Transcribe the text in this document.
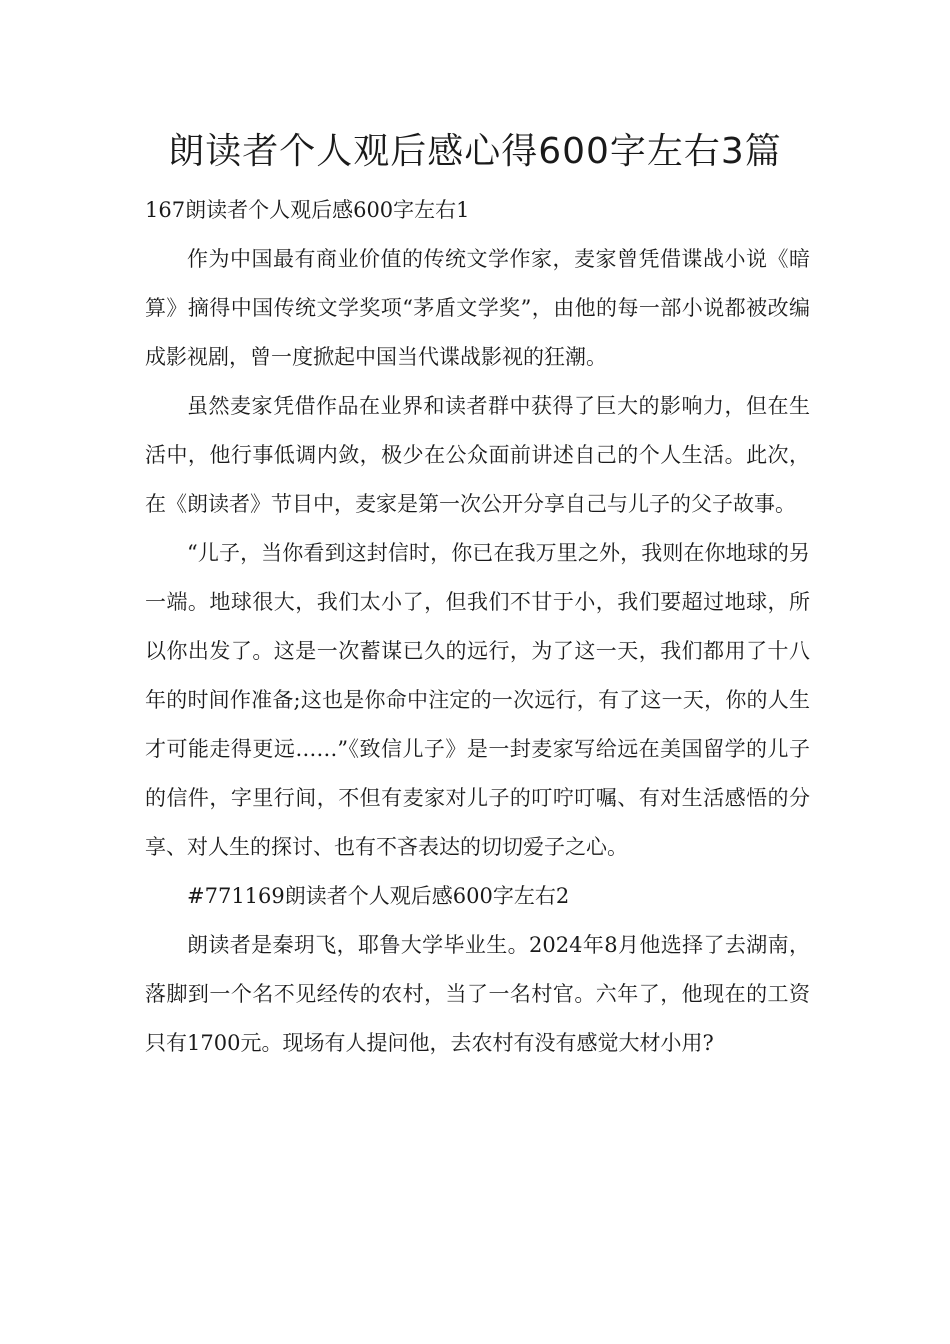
朗读者个人观后感心得600字左右3篇

167朗读者个人观后感600字左右1

作为中国最有商业价值的传统文学作家，麦家曾凭借谍战小说《暗算》摘得中国传统文学奖项“茅盾文学奖”，由他的每一部小说都被改编成影视剧，曾一度掀起中国当代谍战影视的狂潮。

虽然麦家凭借作品在业界和读者群中获得了巨大的影响力，但在生活中，他行事低调内敛，极少在公众面前讲述自己的个人生活。此次，在《朗读者》节目中，麦家是第一次公开分享自己与儿子的父子故事。

“儿子，当你看到这封信时，你已在我万里之外，我则在你地球的另一端。地球很大，我们太小了，但我们不甘于小，我们要超过地球，所以你出发了。这是一次蓄谋已久的远行，为了这一天，我们都用了十八年的时间作准备;这也是你命中注定的一次远行，有了这一天，你的人生才可能走得更远……”《致信儿子》是一封麦家写给远在美国留学的儿子的信件，字里行间，不但有麦家对儿子的叮咛叮嘱、有对生活感悟的分享、对人生的探讨、也有不吝表达的切切爱子之心。

#771169朗读者个人观后感600字左右2

朗读者是秦玥飞，耶鲁大学毕业生。2024年8月他选择了去湖南，落脚到一个名不见经传的农村，当了一名村官。六年了，他现在的工资只有1700元。现场有人提问他，去农村有没有感觉大材小用?
